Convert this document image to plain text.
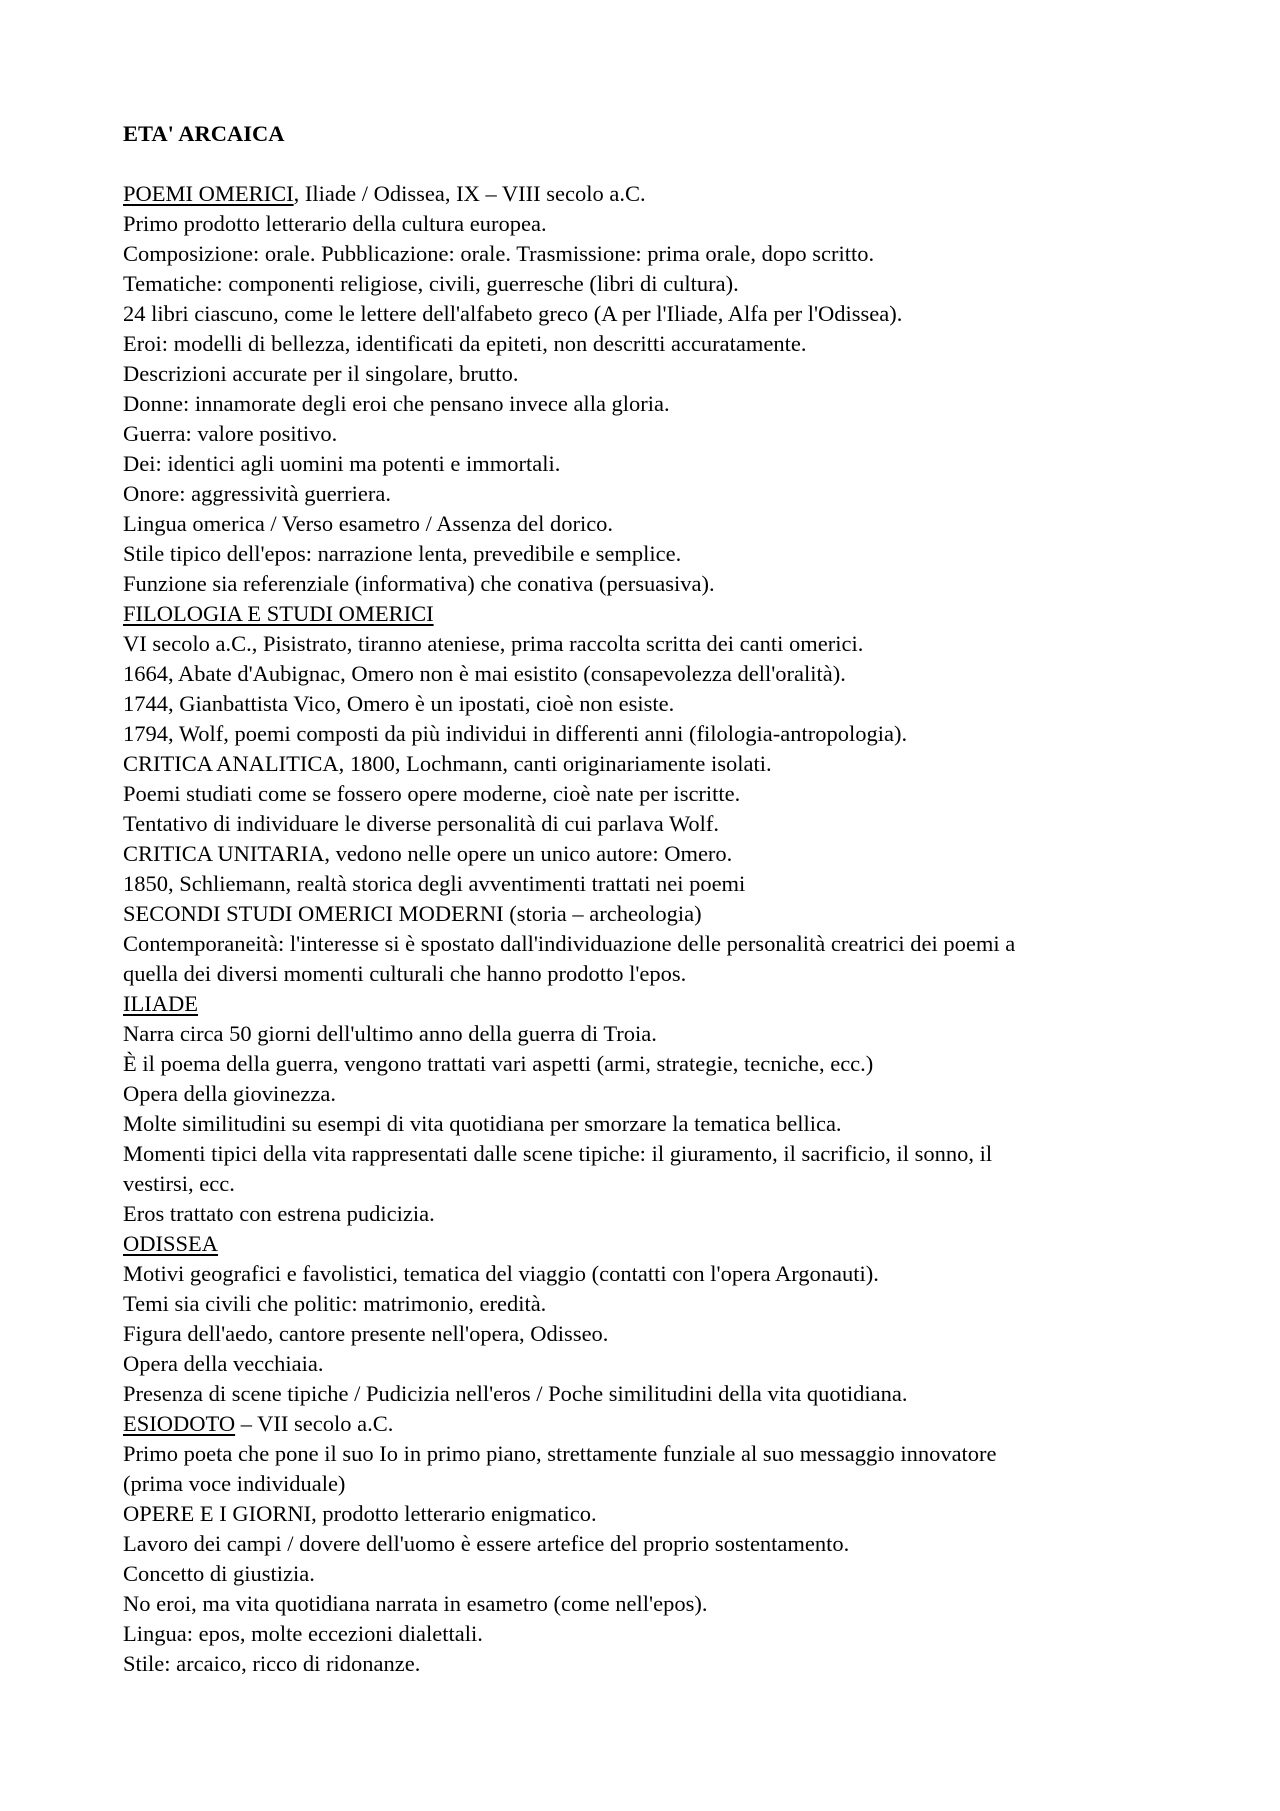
ETA' ARCAICA
POEMI OMERICI, Iliade / Odissea, IX – VIII secolo a.C.
Primo prodotto letterario della cultura europea.
Composizione: orale. Pubblicazione: orale. Trasmissione: prima orale, dopo scritto.
Tematiche: componenti religiose, civili, guerresche (libri di cultura).
24 libri ciascuno, come le lettere dell'alfabeto greco (A per l'Iliade, Alfa per l'Odissea).
Eroi: modelli di bellezza, identificati da epiteti, non descritti accuratamente.
Descrizioni accurate per il singolare, brutto.
Donne: innamorate degli eroi che pensano invece alla gloria.
Guerra: valore positivo.
Dei: identici agli uomini ma potenti e immortali.
Onore: aggressività guerriera.
Lingua omerica / Verso esametro / Assenza del dorico.
Stile tipico dell'epos: narrazione lenta, prevedibile e semplice.
Funzione sia referenziale (informativa) che conativa (persuasiva).
FILOLOGIA E STUDI OMERICI
VI secolo a.C., Pisistrato, tiranno ateniese, prima raccolta scritta dei canti omerici.
1664, Abate d'Aubignac, Omero non è mai esistito (consapevolezza dell'oralità).
1744, Gianbattista Vico, Omero è un ipostati, cioè non esiste.
1794, Wolf, poemi composti da più individui in differenti anni (filologia-antropologia).
CRITICA ANALITICA, 1800, Lochmann, canti originariamente isolati.
Poemi studiati come se fossero opere moderne, cioè nate per iscritte.
Tentativo di individuare le diverse personalità di cui parlava Wolf.
CRITICA UNITARIA, vedono nelle opere un unico autore: Omero.
1850, Schliemann, realtà storica degli avventimenti trattati nei poemi
SECONDI STUDI OMERICI MODERNI (storia – archeologia)
Contemporaneità: l'interesse si è spostato dall'individuazione delle personalità creatrici dei poemi a
quella dei diversi momenti culturali che hanno prodotto l'epos.
ILIADE
Narra circa 50 giorni dell'ultimo anno della guerra di Troia.
È il poema della guerra, vengono trattati vari aspetti (armi, strategie, tecniche, ecc.)
Opera della giovinezza.
Molte similitudini su esempi di vita quotidiana per smorzare la tematica bellica.
Momenti tipici della vita rappresentati dalle scene tipiche: il giuramento, il sacrificio, il sonno, il
vestirsi, ecc.
Eros trattato con estrena pudicizia.
ODISSEA
Motivi geografici e favolistici, tematica del viaggio (contatti con l'opera Argonauti).
Temi sia civili che politic: matrimonio, eredità.
Figura dell'aedo, cantore presente nell'opera, Odisseo.
Opera della vecchiaia.
Presenza di scene tipiche / Pudicizia nell'eros / Poche similitudini della vita quotidiana.
ESIODOTO – VII secolo a.C.
Primo poeta che pone il suo Io in primo piano, strettamente funziale al suo messaggio innovatore
(prima voce individuale)
OPERE E I GIORNI, prodotto letterario enigmatico.
Lavoro dei campi / dovere dell'uomo è essere artefice del proprio sostentamento.
Concetto di giustizia.
No eroi, ma vita quotidiana narrata in esametro (come nell'epos).
Lingua: epos, molte eccezioni dialettali.
Stile: arcaico, ricco di ridonanze.
